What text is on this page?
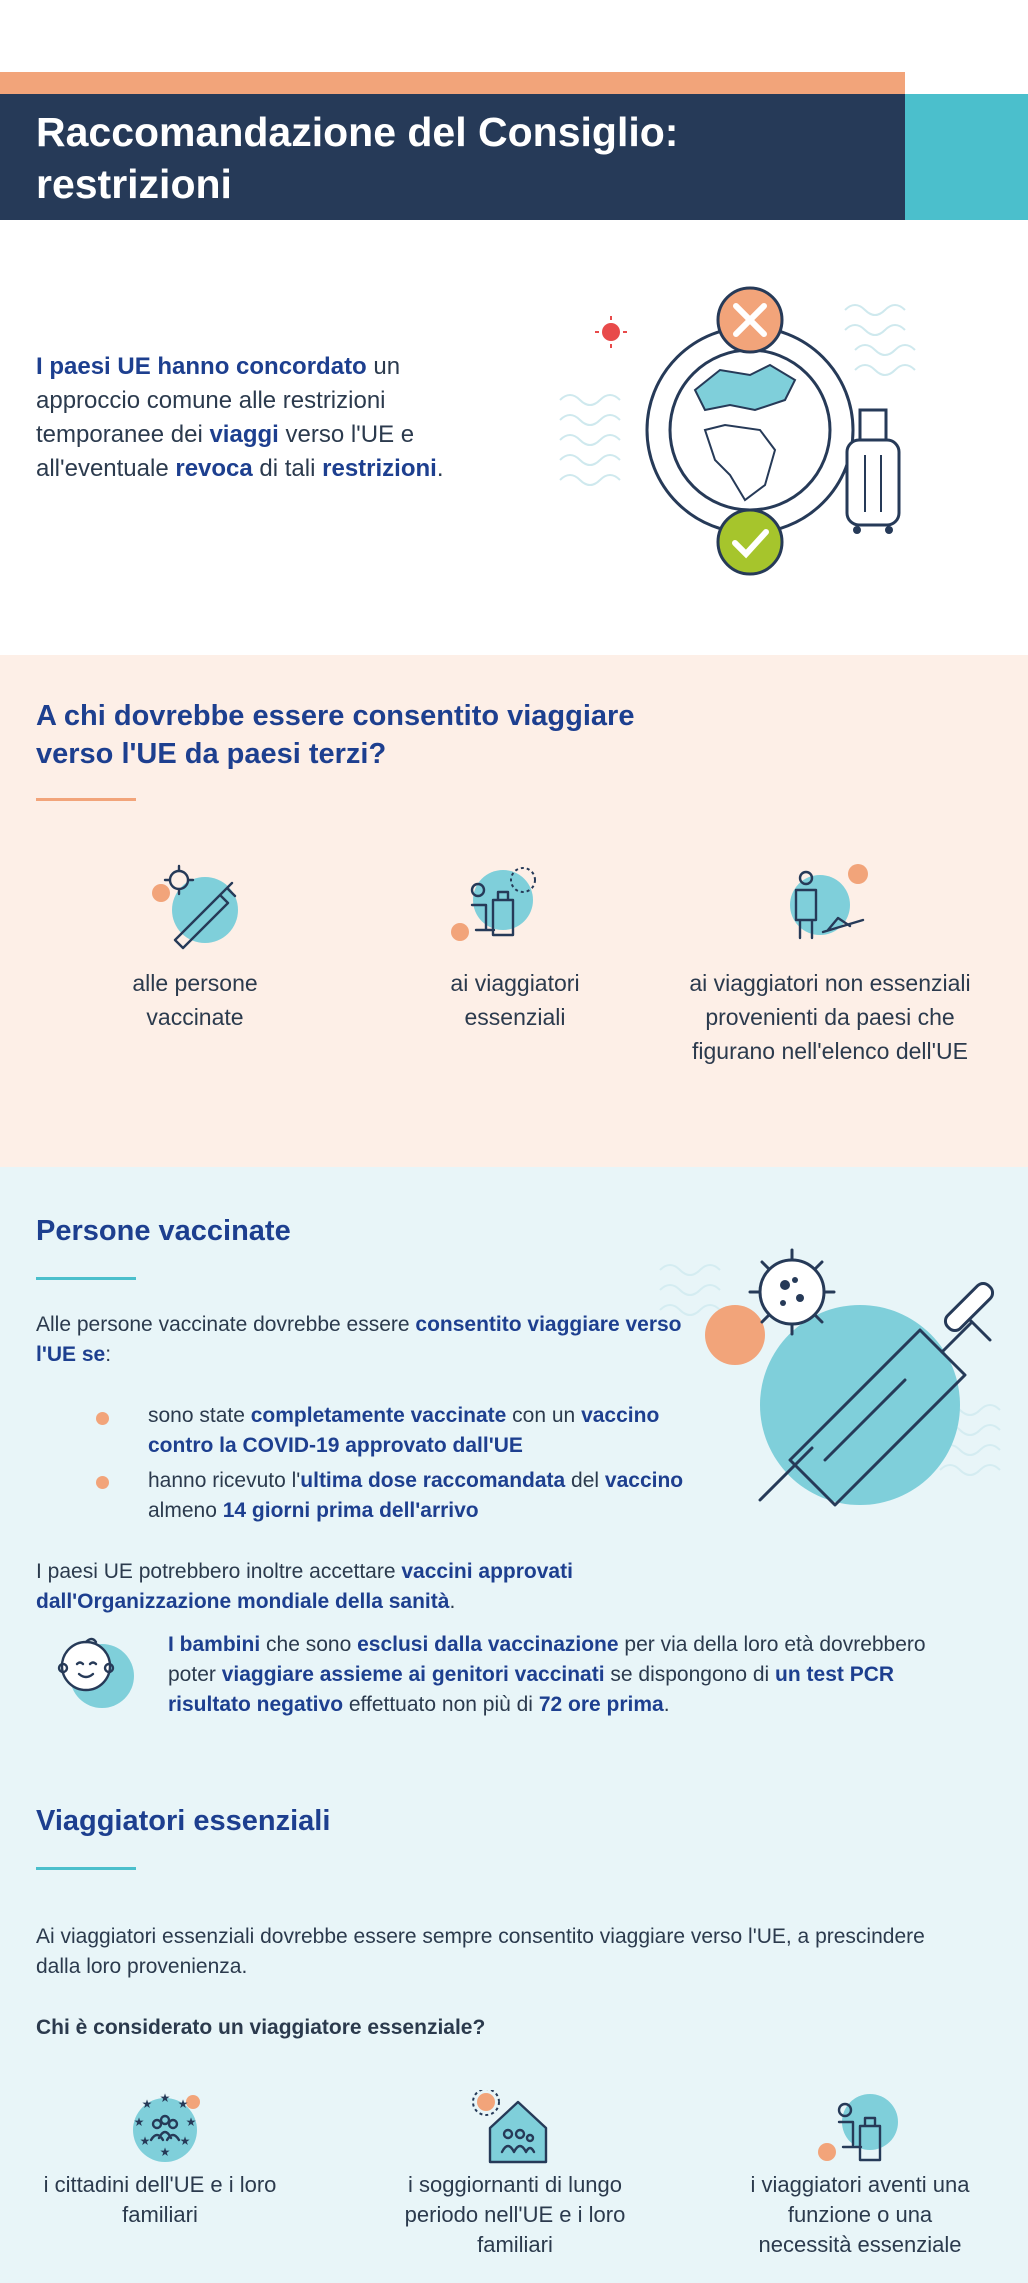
Raccomandazione del Consiglio: restrizioni
COVID-19 per i viaggi da paesi terzi
I paesi UE hanno concordato un approccio comune alle restrizioni temporanee dei viaggi verso l'UE e all'eventuale revoca di tali restrizioni.
A chi dovrebbe essere consentito viaggiare
verso l'UE da paesi terzi?
alle persone vaccinate
ai viaggiatori essenziali
ai viaggiatori non essenziali provenienti da paesi che figurano nell'elenco dell'UE
Persone vaccinate
Alle persone vaccinate dovrebbe essere consentito viaggiare verso l'UE se:
sono state completamente vaccinate con un vaccino contro la COVID-19 approvato dall'UE
hanno ricevuto l'ultima dose raccomandata del vaccino almeno 14 giorni prima dell'arrivo
I paesi UE potrebbero inoltre accettare vaccini approvati dall'Organizzazione mondiale della sanità.
I bambini che sono esclusi dalla vaccinazione per via della loro età dovrebbero poter viaggiare assieme ai genitori vaccinati se dispongono di un test PCR risultato negativo effettuato non più di 72 ore prima.
Viaggiatori essenziali
Ai viaggiatori essenziali dovrebbe essere sempre consentito viaggiare verso l'UE, a prescindere dalla loro provenienza.
Chi è considerato un viaggiatore essenziale?
★ ★
★
★
★
★
★
★
i cittadini dell'UE e i loro familiari
i soggiornanti di lungo periodo nell'UE e i loro familiari
i viaggiatori aventi una funzione o una necessità essenziale
